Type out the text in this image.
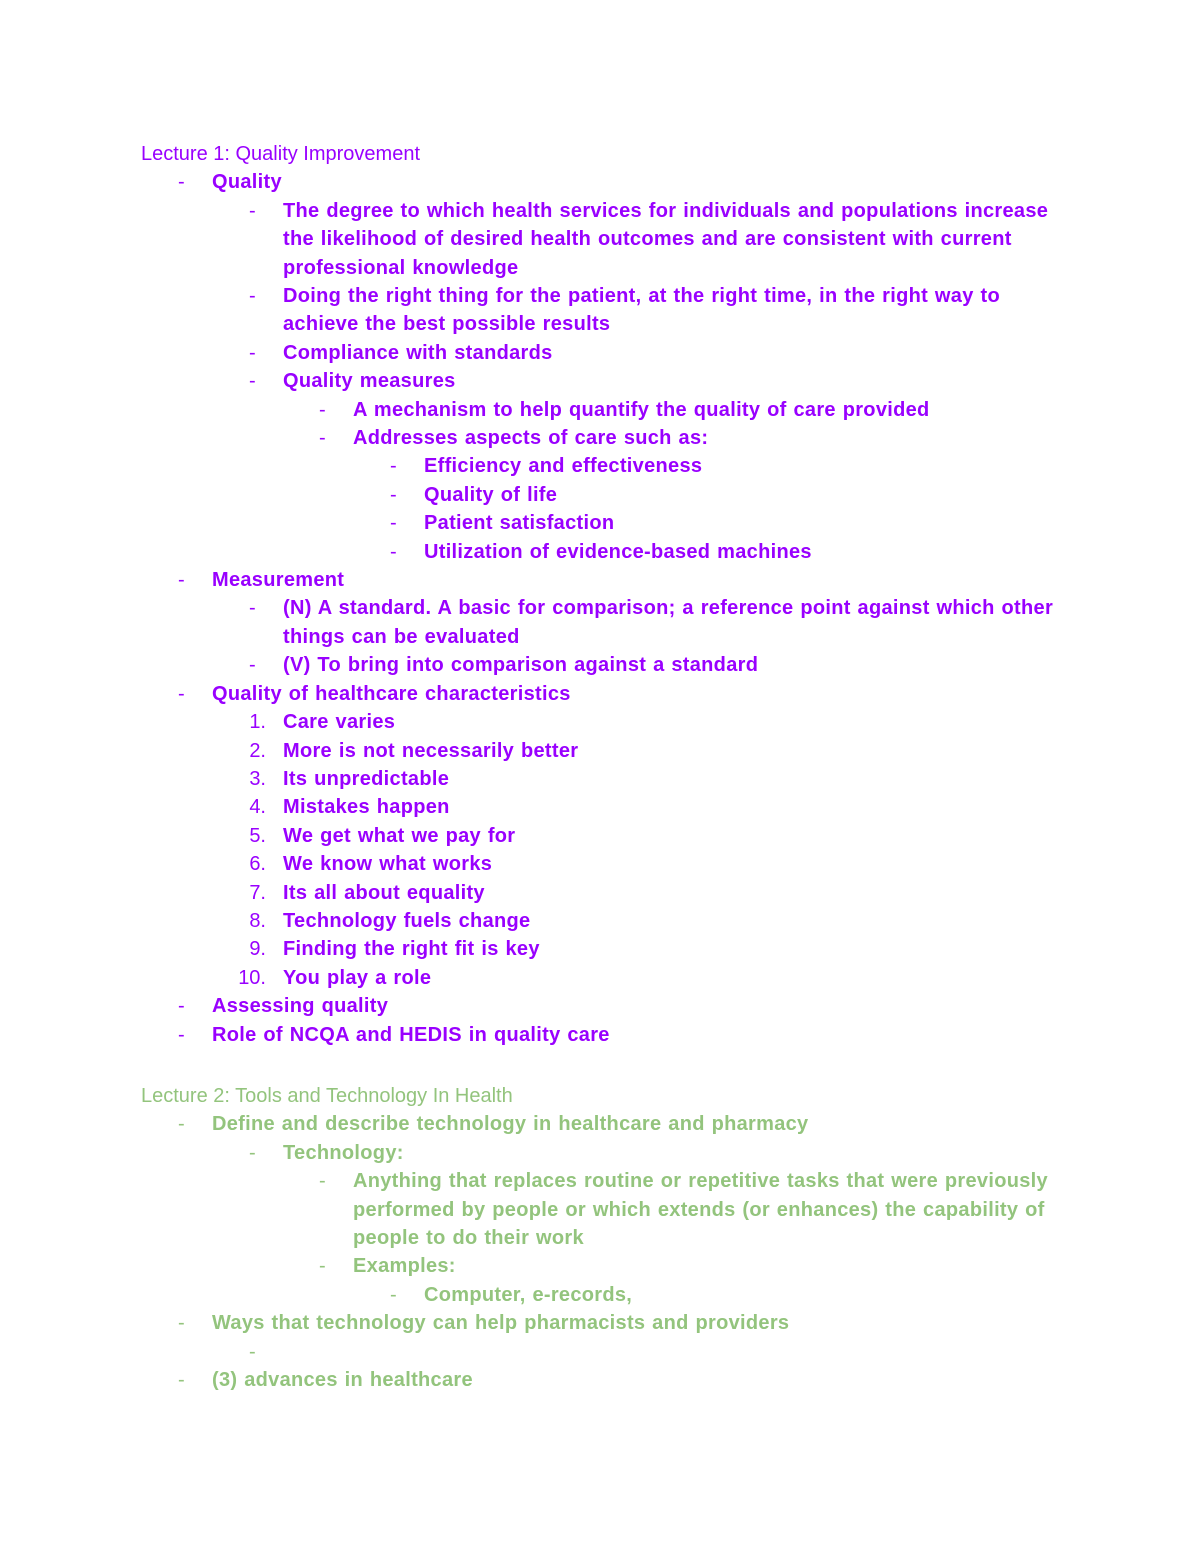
Lecture 1: Quality Improvement
-	Quality
-	The degree to which health services for individuals and populations increase the likelihood of desired health outcomes and are consistent with current professional knowledge
-	Doing the right thing for the patient, at the right time, in the right way to achieve the best possible results
-	Compliance with standards
-	Quality measures
-	A mechanism to help quantify the quality of care provided
-	Addresses aspects of care such as:
-	Efficiency and effectiveness
-	Quality of life
-	Patient satisfaction
-	Utilization of evidence-based machines
-	Measurement
-	(N) A standard. A basic for comparison; a reference point against which other things can be evaluated
-	(V) To bring into comparison against a standard
-	Quality of healthcare characteristics
1. Care varies
2. More is not necessarily better
3. Its unpredictable
4. Mistakes happen
5. We get what we pay for
6. We know what works
7. Its all about equality
8. Technology fuels change
9. Finding the right fit is key
10. You play a role
-	Assessing quality
-	Role of NCQA and HEDIS in quality care
Lecture 2: Tools and Technology In Health
-	Define and describe technology in healthcare and pharmacy
-	Technology:
-	Anything that replaces routine or repetitive tasks that were previously performed by people or which extends (or enhances) the capability of people to do their work
-	Examples:
-	Computer, e-records,
-	Ways that technology can help pharmacists and providers
-
-	(3) advances in healthcare
